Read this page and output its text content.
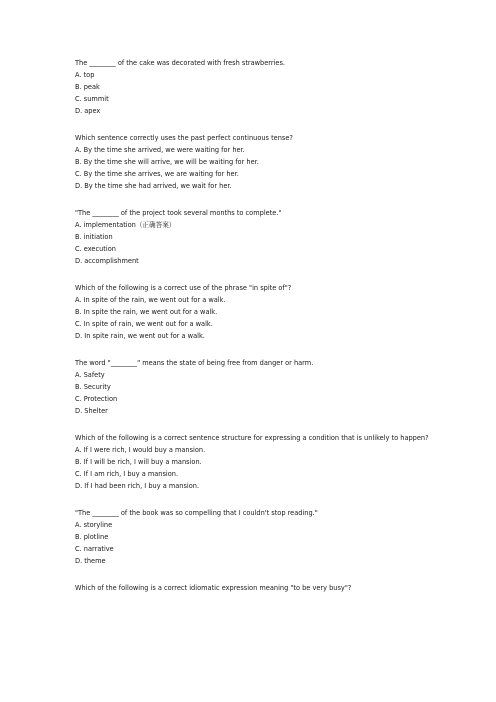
The ________ of the cake was decorated with fresh strawberries.
A. top
B. peak
C. summit
D. apex
Which sentence correctly uses the past perfect continuous tense?
A. By the time she arrived, we were waiting for her.
B. By the time she will arrive, we will be waiting for her.
C. By the time she arrives, we are waiting for her.
D. By the time she had arrived, we wait for her.
"The ________ of the project took several months to complete."
A. implementation（正确答案）
B. initiation
C. execution
D. accomplishment
Which of the following is a correct use of the phrase "in spite of"?
A. In spite of the rain, we went out for a walk.
B. In spite the rain, we went out for a walk.
C. In spite of rain, we went out for a walk.
D. In spite rain, we went out for a walk.
The word "________" means the state of being free from danger or harm.
A. Safety
B. Security
C. Protection
D. Shelter
Which of the following is a correct sentence structure for expressing a condition that is unlikely to happen?
A. If I were rich, I would buy a mansion.
B. If I will be rich, I will buy a mansion.
C. If I am rich, I buy a mansion.
D. If I had been rich, I buy a mansion.
"The ________ of the book was so compelling that I couldn't stop reading."
A. storyline
B. plotline
C. narrative
D. theme
Which of the following is a correct idiomatic expression meaning "to be very busy"?
